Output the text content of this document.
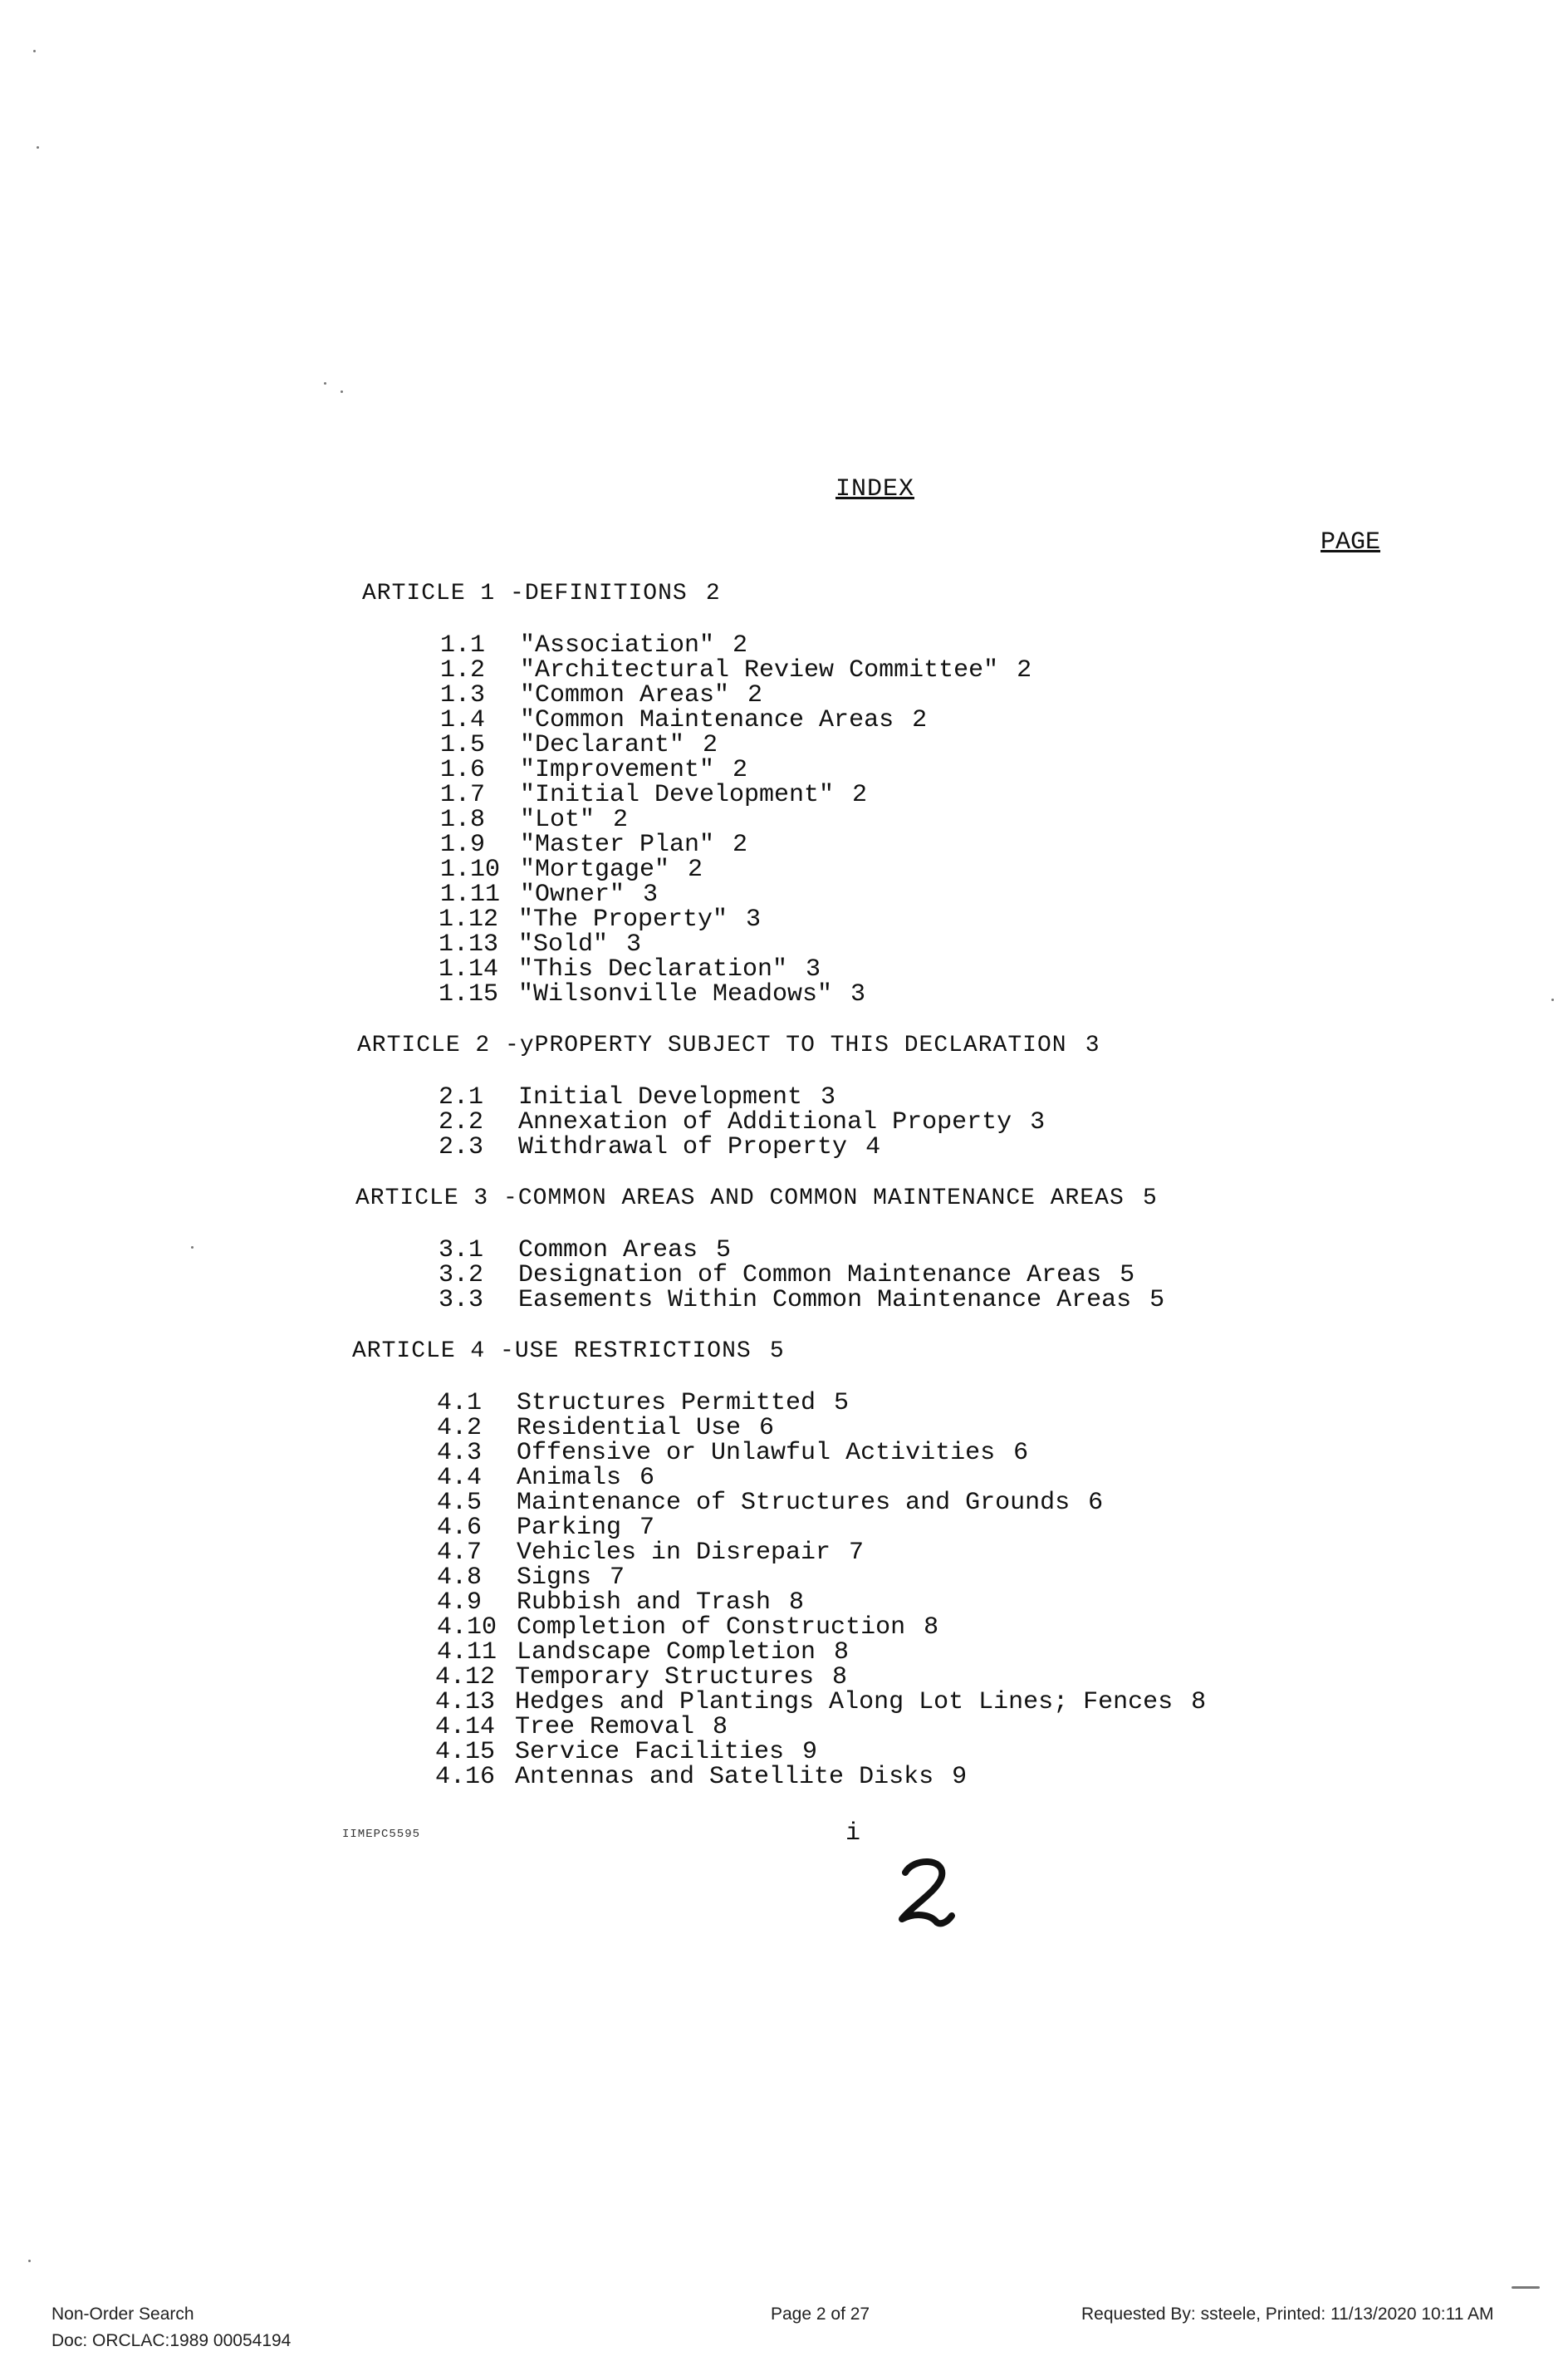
INDEX
PAGE
ARTICLE 1 - DEFINITIONS 2
1.1	"Association" 2
1.2	"Architectural Review Committee" 2
1.3	"Common Areas" 2
1.4	"Common Maintenance Areas 2
1.5	"Declarant" 2
1.6	"Improvement" 2
1.7	"Initial Development" 2
1.8	"Lot" 2
1.9	"Master Plan" 2
1.10 "Mortgage" 2
1.11 "Owner" 3
1.12 "The Property" 3
1.13 "Sold" 3
1.14 "This Declaration" 3
1.15 "Wilsonville Meadows" 3
ARTICLE 2 - yPROPERTY SUBJECT TO THIS DECLARATION 3
2.1	Initial Development 3
2.2	Annexation of Additional Property 3
2.3	Withdrawal of Property 4
ARTICLE 3 - COMMON AREAS AND COMMON MAINTENANCE AREAS 5
3.1	Common Areas 5
3.2	Designation of Common Maintenance Areas 5
3.3	Easements Within Common Maintenance Areas 5
ARTICLE 4 - USE RESTRICTIONS 5
4.1	Structures Permitted 5
4.2	Residential Use 6
4.3	Offensive or Unlawful Activities 6
4.4	Animals 6
4.5	Maintenance of Structures and Grounds 6
4.6	Parking 7
4.7	Vehicles in Disrepair 7
4.8	Signs 7
4.9	Rubbish and Trash 8
4.10 Completion of Construction 8
4.11 Landscape Completion 8
4.12 Temporary Structures 8
4.13 Hedges and Plantings Along Lot Lines; Fences 8
4.14 Tree Removal 8
4.15 Service Facilities 9
4.16 Antennas and Satellite Disks 9
IIMEPC5595	i
Non-Order Search
Doc: ORCLAC:1989 00054194
Page 2 of 27	Requested By: ssteele, Printed: 11/13/2020 10:11 AM
